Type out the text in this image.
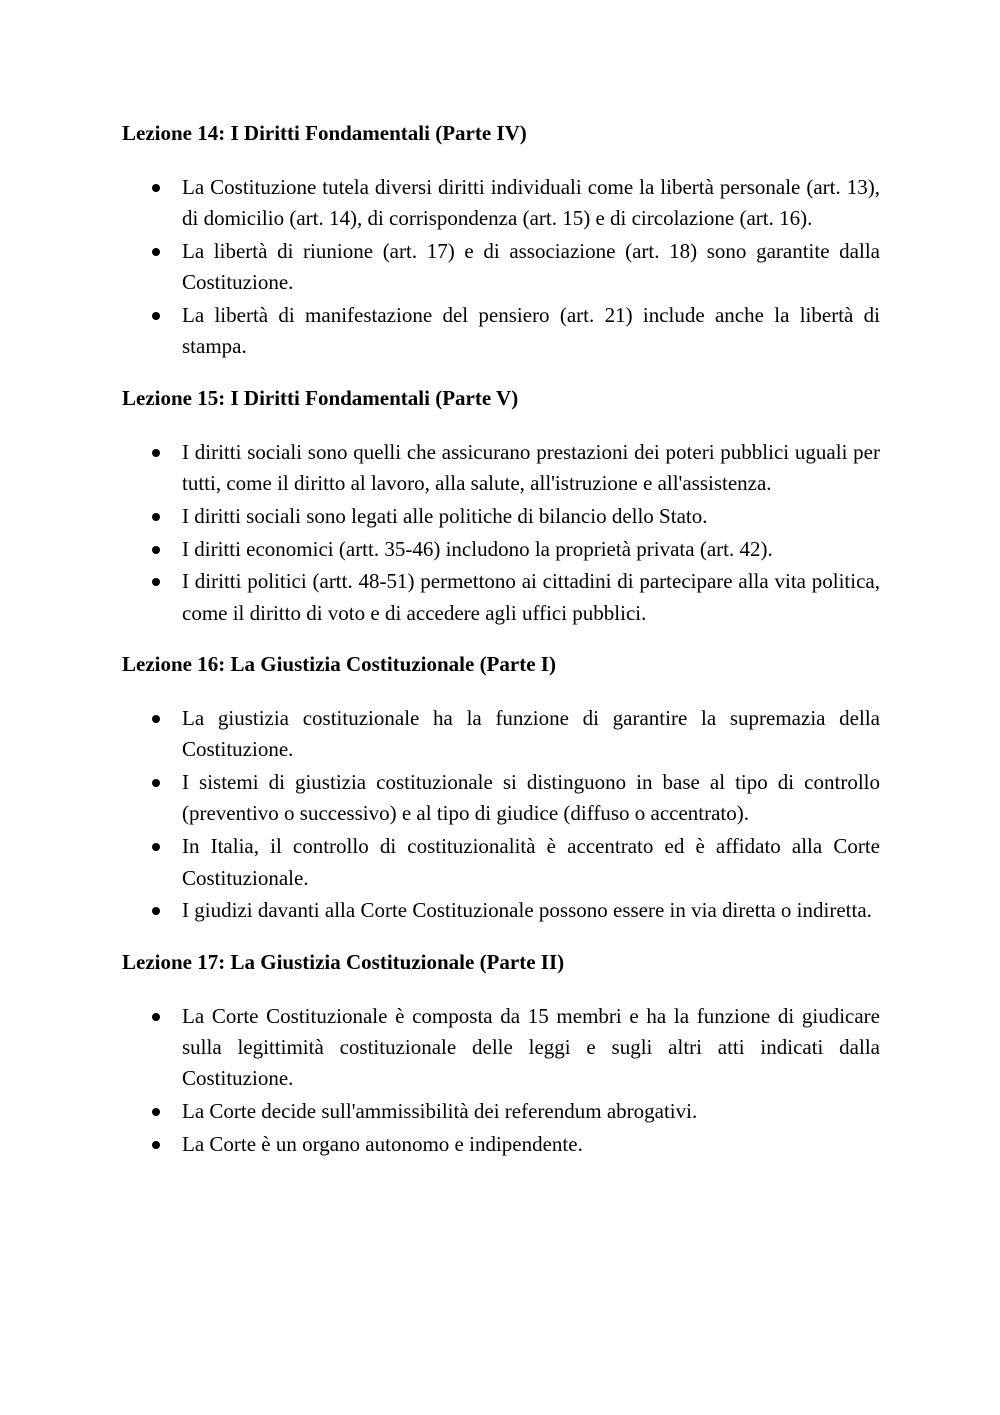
Lezione 14: I Diritti Fondamentali (Parte IV)
La Costituzione tutela diversi diritti individuali come la libertà personale (art. 13), di domicilio (art. 14), di corrispondenza (art. 15) e di circolazione (art. 16).
La libertà di riunione (art. 17) e di associazione (art. 18) sono garantite dalla Costituzione.
La libertà di manifestazione del pensiero (art. 21) include anche la libertà di stampa.
Lezione 15: I Diritti Fondamentali (Parte V)
I diritti sociali sono quelli che assicurano prestazioni dei poteri pubblici uguali per tutti, come il diritto al lavoro, alla salute, all'istruzione e all'assistenza.
I diritti sociali sono legati alle politiche di bilancio dello Stato.
I diritti economici (artt. 35-46) includono la proprietà privata (art. 42).
I diritti politici (artt. 48-51) permettono ai cittadini di partecipare alla vita politica, come il diritto di voto e di accedere agli uffici pubblici.
Lezione 16: La Giustizia Costituzionale (Parte I)
La giustizia costituzionale ha la funzione di garantire la supremazia della Costituzione.
I sistemi di giustizia costituzionale si distinguono in base al tipo di controllo (preventivo o successivo) e al tipo di giudice (diffuso o accentrato).
In Italia, il controllo di costituzionalità è accentrato ed è affidato alla Corte Costituzionale.
I giudizi davanti alla Corte Costituzionale possono essere in via diretta o indiretta.
Lezione 17: La Giustizia Costituzionale (Parte II)
La Corte Costituzionale è composta da 15 membri e ha la funzione di giudicare sulla legittimità costituzionale delle leggi e sugli altri atti indicati dalla Costituzione.
La Corte decide sull'ammissibilità dei referendum abrogativi.
La Corte è un organo autonomo e indipendente.
